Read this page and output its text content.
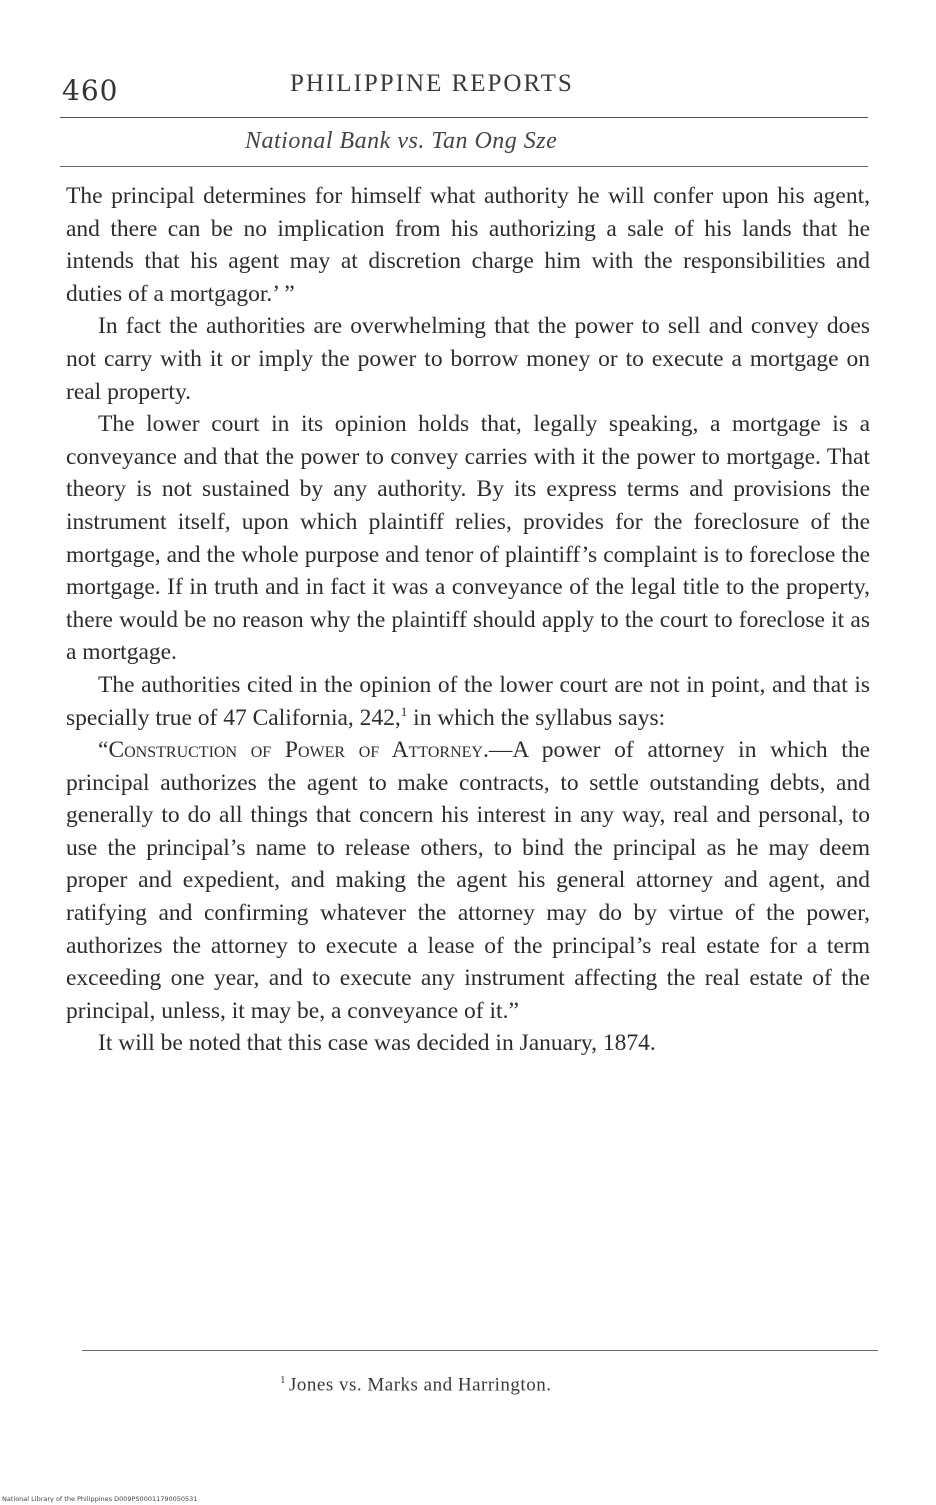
460	PHILIPPINE REPORTS
National Bank vs. Tan Ong Sze

The principal determines for himself what authority he will confer upon his agent, and there can be no implication from his authorizing a sale of his lands that he intends that his agent may at discretion charge him with the responsibilities and duties of a mortgagor.’ ”

In fact the authorities are overwhelming that the power to sell and convey does not carry with it or imply the power to borrow money or to execute a mortgage on real property.

The lower court in its opinion holds that, legally speaking, a mortgage is a conveyance and that the power to convey carries with it the power to mortgage. That theory is not sustained by any authority. By its express terms and provisions the instrument itself, upon which plaintiff relies, provides for the foreclosure of the mortgage, and the whole purpose and tenor of plaintiff’s complaint is to foreclose the mortgage. If in truth and in fact it was a conveyance of the legal title to the property, there would be no reason why the plaintiff should apply to the court to foreclose it as a mortgage.

The authorities cited in the opinion of the lower court are not in point, and that is specially true of 47 California, 242,$^1$ in which the syllabus says:

“Construction of Power of Attorney.—A power of attorney in which the principal authorizes the agent to make contracts, to settle outstanding debts, and generally to do all things that concern his interest in any way, real and personal, to use the principal’s name to release others, to bind the principal as he may deem proper and expedient, and making the agent his general attorney and agent, and ratifying and confirming whatever the attorney may do by virtue of the power, authorizes the attorney to execute a lease of the principal’s real estate for a term exceeding one year, and to execute any instrument affecting the real estate of the principal, unless, it may be, a conveyance of it.”

It will be noted that this case was decided in January, 1874.

$^1$ Jones vs. Marks and Harrington.
National Library of the Philippines D009PS00011790050531
